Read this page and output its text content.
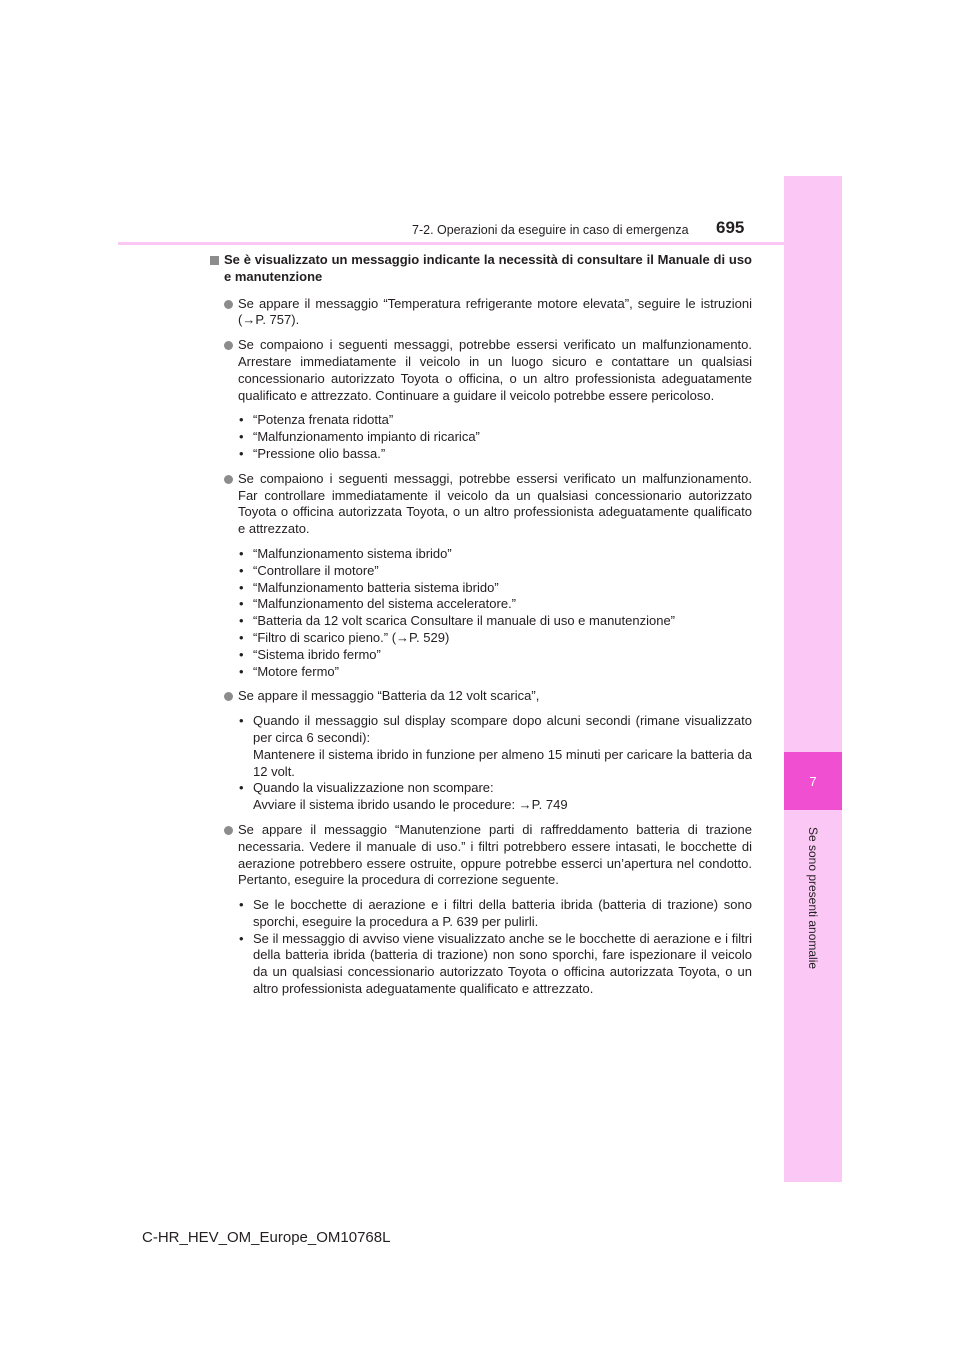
7
Se sono presenti anomalie
7-2. Operazioni da eseguire in caso di emergenza 695
Se è visualizzato un messaggio indicante la necessità di consultare il Manuale di uso e manutenzione
Se appare il messaggio “Temperatura refrigerante motore elevata”, seguire le istruzioni (→P. 757).
Se compaiono i seguenti messaggi, potrebbe essersi verificato un malfunzionamento. Arrestare immediatamente il veicolo in un luogo sicuro e contattare un qualsiasi concessionario autorizzato Toyota o officina, o un altro professionista adeguatamente qualificato e attrezzato. Continuare a guidare il veicolo potrebbe essere pericoloso.
• “Potenza frenata ridotta”
• “Malfunzionamento impianto di ricarica”
• “Pressione olio bassa.”
Se compaiono i seguenti messaggi, potrebbe essersi verificato un malfunzionamento. Far controllare immediatamente il veicolo da un qualsiasi concessionario autorizzato Toyota o officina autorizzata Toyota, o un altro professionista adeguatamente qualificato e attrezzato.
• “Malfunzionamento sistema ibrido”
• “Controllare il motore”
• “Malfunzionamento batteria sistema ibrido”
• “Malfunzionamento del sistema acceleratore.”
• “Batteria da 12 volt scarica Consultare il manuale di uso e manutenzione”
• “Filtro di scarico pieno.” (→P. 529)
• “Sistema ibrido fermo”
• “Motore fermo”
Se appare il messaggio “Batteria da 12 volt scarica”,
• Quando il messaggio sul display scompare dopo alcuni secondi (rimane visualizzato per circa 6 secondi):
Mantenere il sistema ibrido in funzione per almeno 15 minuti per caricare la batteria da 12 volt.
• Quando la visualizzazione non scompare:
Avviare il sistema ibrido usando le procedure: →P. 749
Se appare il messaggio “Manutenzione parti di raffreddamento batteria di trazione necessaria. Vedere il manuale di uso.” i filtri potrebbero essere intasati, le bocchette di aerazione potrebbero essere ostruite, oppure potrebbe esserci un’apertura nel condotto. Pertanto, eseguire la procedura di correzione seguente.
• Se le bocchette di aerazione e i filtri della batteria ibrida (batteria di trazione) sono sporchi, eseguire la procedura a P. 639 per pulirli.
• Se il messaggio di avviso viene visualizzato anche se le bocchette di aerazione e i filtri della batteria ibrida (batteria di trazione) non sono sporchi, fare ispezionare il veicolo da un qualsiasi concessionario autorizzato Toyota o officina autorizzata Toyota, o un altro professionista adeguatamente qualificato e attrezzato.
C-HR_HEV_OM_Europe_OM10768L
